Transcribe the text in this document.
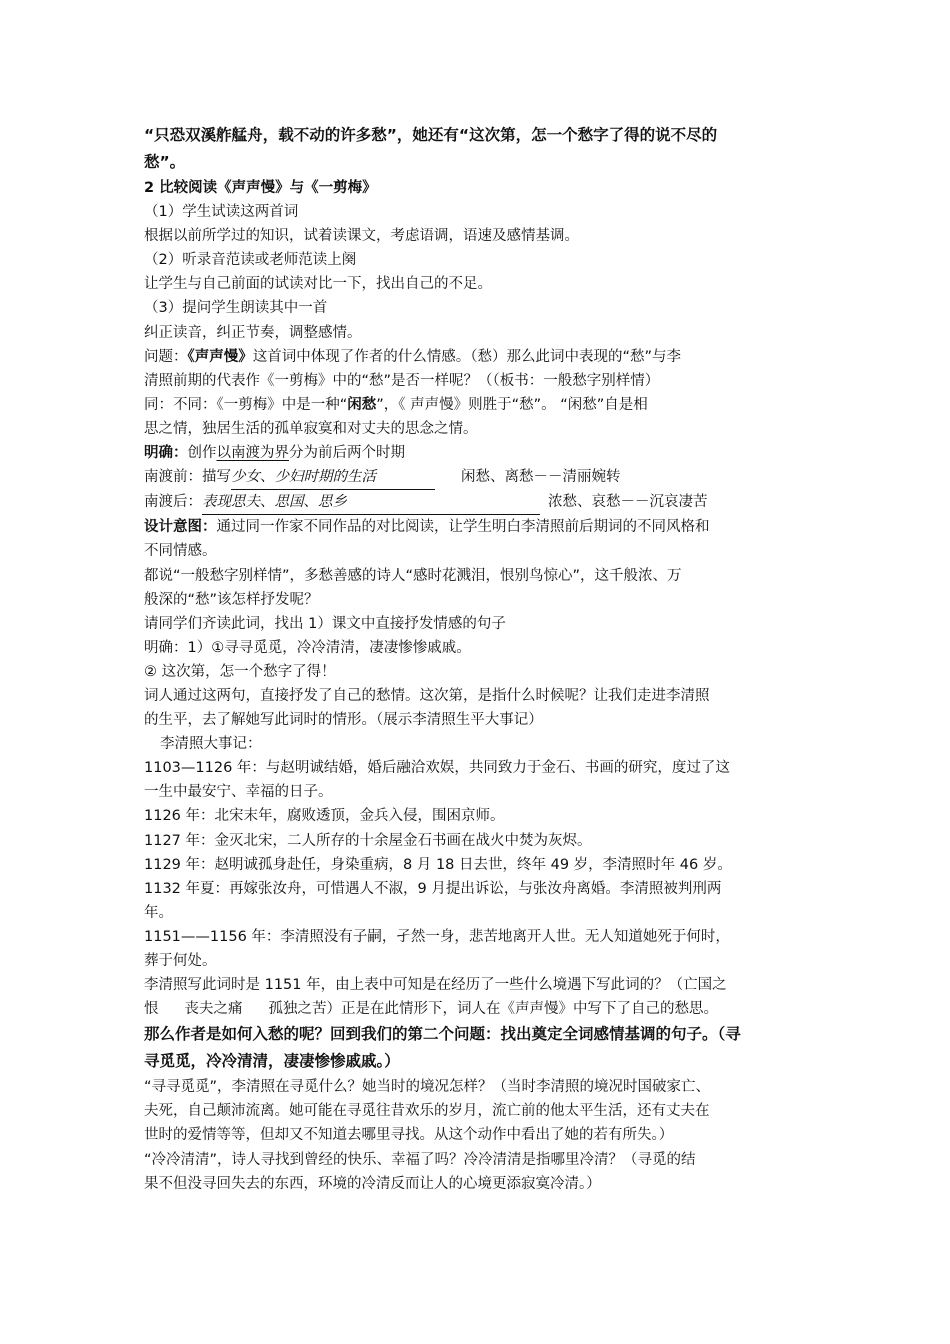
“只恐双溪舴艋舟，载不动的许多愁”，她还有“这次第，怎一个愁字了得的说不尽的
愁”。
2 比较阅读《声声慢》与《一剪梅》
（1）学生试读这两首词
根据以前所学过的知识，试着读课文，考虑语调，语速及感情基调。
（2）听录音范读或老师范读上阕
让学生与自己前面的试读对比一下，找出自己的不足。
（3）提问学生朗读其中一首
纠正读音，纠正节奏，调整感情。
问题：《声声慢》这首词中体现了作者的什么情感。（愁）那么此词中表现的“愁”与李
清照前期的代表作《一剪梅》中的“愁”是否一样呢？（（板书：一般愁字别样情）
同：不同：《一剪梅》中是一种“闲愁”，《 声声慢》则胜于“愁”。 “闲愁”自是相
思之情，独居生活的孤单寂寞和对丈夫的思念之情。
明确：创作以南渡为界分为前后两个时期
南渡前：描写少女、少妇时期的生活	闲愁、离愁－－清丽婉转
南渡后：表现思夫、思国、思乡	浓愁、哀愁－－沉哀凄苦
设计意图：通过同一作家不同作品的对比阅读，让学生明白李清照前后期词的不同风格和
不同情感。
都说“一般愁字别样情”，多愁善感的诗人“感时花溅泪，恨别鸟惊心”，这千般浓、万
般深的“愁”该怎样抒发呢？
请同学们齐读此词，找出 1）课文中直接抒发情感的句子
明确：1）①寻寻觅觅，冷冷清清，凄凄惨惨戚戚。
② 这次第，怎一个愁字了得！
词人通过这两句，直接抒发了自己的愁情。这次第，是指什么时候呢？让我们走进李清照
的生平，去了解她写此词时的情形。（展示李清照生平大事记）
李清照大事记：
1103—1126 年：与赵明诚结婚，婚后融洽欢娱，共同致力于金石、书画的研究，度过了这
一生中最安宁、幸福的日子。
1126 年：北宋末年，腐败透顶，金兵入侵，围困京师。
1127 年：金灭北宋，二人所存的十余屋金石书画在战火中焚为灰烬。
1129 年：赵明诚孤身赴任，身染重病，8 月 18 日去世，终年 49 岁，李清照时年 46 岁。
1132 年夏：再嫁张汝舟，可惜遇人不淑，9 月提出诉讼，与张汝舟离婚。李清照被判刑两
年。
1151——1156 年：李清照没有子嗣，孑然一身，悲苦地离开人世。无人知道她死于何时，
葬于何处。
李清照写此词时是 1151 年，由上表中可知是在经历了一些什么境遇下写此词的？（亡国之
恨 丧夫之痛 孤独之苦）正是在此情形下，词人在《声声慢》中写下了自己的愁思。
那么作者是如何入愁的呢？回到我们的第二个问题：找出奠定全词感情基调的句子。（寻
寻觅觅，冷冷清清，凄凄惨惨戚戚。）
“寻寻觅觅”，李清照在寻觅什么？她当时的境况怎样？（当时李清照的境况时国破家亡、
夫死，自己颠沛流离。她可能在寻觅往昔欢乐的岁月，流亡前的他太平生活，还有丈夫在
世时的爱情等等，但却又不知道去哪里寻找。从这个动作中看出了她的若有所失。）
“冷冷清清”，诗人寻找到曾经的快乐、幸福了吗？冷冷清清是指哪里冷清？（寻觅的结
果不但没寻回失去的东西，环境的冷清反而让人的心境更添寂寞冷清。）
